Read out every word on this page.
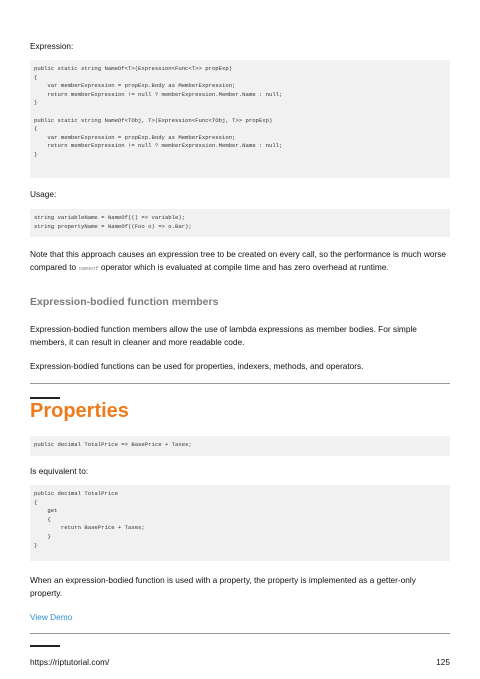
Expression:

public static string NameOf<T>(Expression<Func<T>> propExp)
{
var memberExpression = propExp.Body as MemberExpression;
return memberExpression != null ? memberExpression.Member.Name : null;
}
public static string NameOf<TObj, T>(Expression<Func<TObj, T>> propExp)
{
var memberExpression = propExp.Body as MemberExpression;
return memberExpression != null ? memberExpression.Member.Name : null;
}

Usage:

string variableName = NameOf(() => variable);
string propertyName = NameOf((Foo o) => o.Bar);

Note that this approach causes an expression tree to be created on every call, so the performance is much worse compared to nameof operator which is evaluated at compile time and has zero overhead at runtime.

Expression-bodied function members

Expression-bodied function members allow the use of lambda expressions as member bodies. For simple members, it can result in cleaner and more readable code.

Expression-bodied functions can be used for properties, indexers, methods, and operators.

Properties
public decimal TotalPrice => BasePrice + Taxes;

Is equivalent to:

public decimal TotalPrice
{
get
{
return BasePrice + Taxes;
}
}

When an expression-bodied function is used with a property, the property is implemented as a getter-only property.

View Demo

https://riptutorial.com/	125
